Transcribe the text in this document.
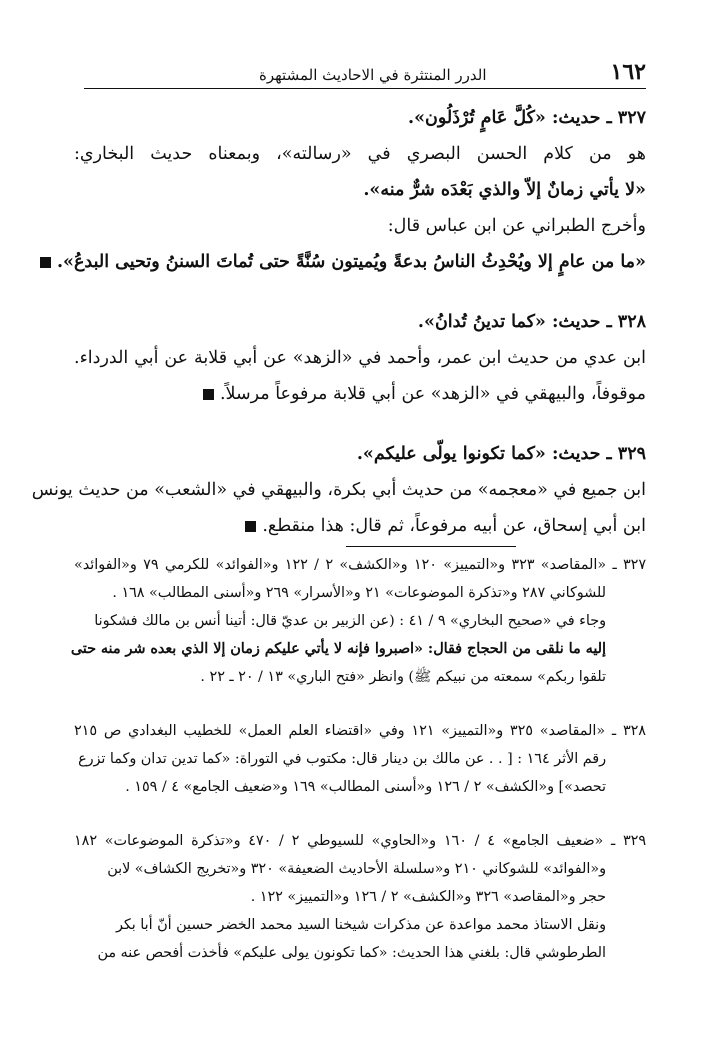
١٦٢
الدرر المنتثرة في الاحاديث المشتهرة

٣٢٧ ـ حديث: «كُلَّ عَامٍ تُرْذَلُون».

هو من كلام الحسن البصري في «رسالته»، وبمعناه حديث البخاري:

«لا يأتي زمانٌ إلاّ والذي بَعْدَه شرٌّ منه».

وأخرج الطبراني عن ابن عباس قال:

«ما من عامٍ إلا ويُحْدِثُ الناسُ بدعةً ويُميتون سُنَّةً حتى تُماتَ السننُ وتحيى البدعُ».

٣٢٨ ـ حديث: «كما تدينُ تُدانُ».

ابن عدي من حديث ابن عمر، وأحمد في «الزهد» عن أبي قلابة عن أبي الدرداء.

موقوفاً، والبيهقي في «الزهد» عن أبي قلابة مرفوعاً مرسلاً.

٣٢٩ ـ حديث: «كما تكونوا يولّى عليكم».

ابن جميع في «معجمه» من حديث أبي بكرة، والبيهقي في «الشعب» من حديث يونس

ابن أبي إسحاق، عن أبيه مرفوعاً، ثم قال: هذا منقطع.

٣٢٧ ـ «المقاصد» ٣٢٣ و«التمييز» ١٢٠ و«الكشف» ٢ / ١٢٢ و«الفوائد» للكرمي ٧٩ و«الفوائد»

للشوكاني ٢٨٧ و«تذكرة الموضوعات» ٢١ و«الأسرار» ٢٦٩ و«أسنى المطالب» ١٦٨ .

وجاء في «صحيح البخاري» ٩ / ٤١ : (عن الزبير بن عديّ قال: أتينا أنس بن مالك فشكونا

إليه ما نلقى من الحجاج فقال: «اصبروا فإنه لا يأتي عليكم زمان إلا الذي بعده شر منه حتى

تلقوا ربكم» سمعته من نبيكم ﷺ) وانظر «فتح الباري» ١٣ / ٢٠ ـ ٢٢ .

٣٢٨ ـ «المقاصد» ٣٢٥ و«التمييز» ١٢١ وفي «اقتضاء العلم العمل» للخطيب البغدادي ص ٢١٥

رقم الأثر ١٦٤ : [ . . عن مالك بن دينار قال: مكتوب في التوراة: «كما تدين تدان وكما تزرع

تحصد»] و«الكشف» ٢ / ١٢٦ و«أسنى المطالب» ١٦٩ و«ضعيف الجامع» ٤ / ١٥٩ .

٣٢٩ ـ «ضعيف الجامع» ٤ / ١٦٠ و«الحاوي» للسيوطي ٢ / ٤٧٠ و«تذكرة الموضوعات» ١٨٢

و«الفوائد» للشوكاني ٢١٠ و«سلسلة الأحاديث الضعيفة» ٣٢٠ و«تخريج الكشاف» لابن

حجر و«المقاصد» ٣٢٦ و«الكشف» ٢ / ١٢٦ و«التمييز» ١٢٢ .

ونقل الاستاذ محمد مواعدة عن مذكرات شيخنا السيد محمد الخضر حسين أنّ أبا بكر

الطرطوشي قال: بلغني هذا الحديث: «كما تكونون يولى عليكم» فأخذت أفحص عنه من
